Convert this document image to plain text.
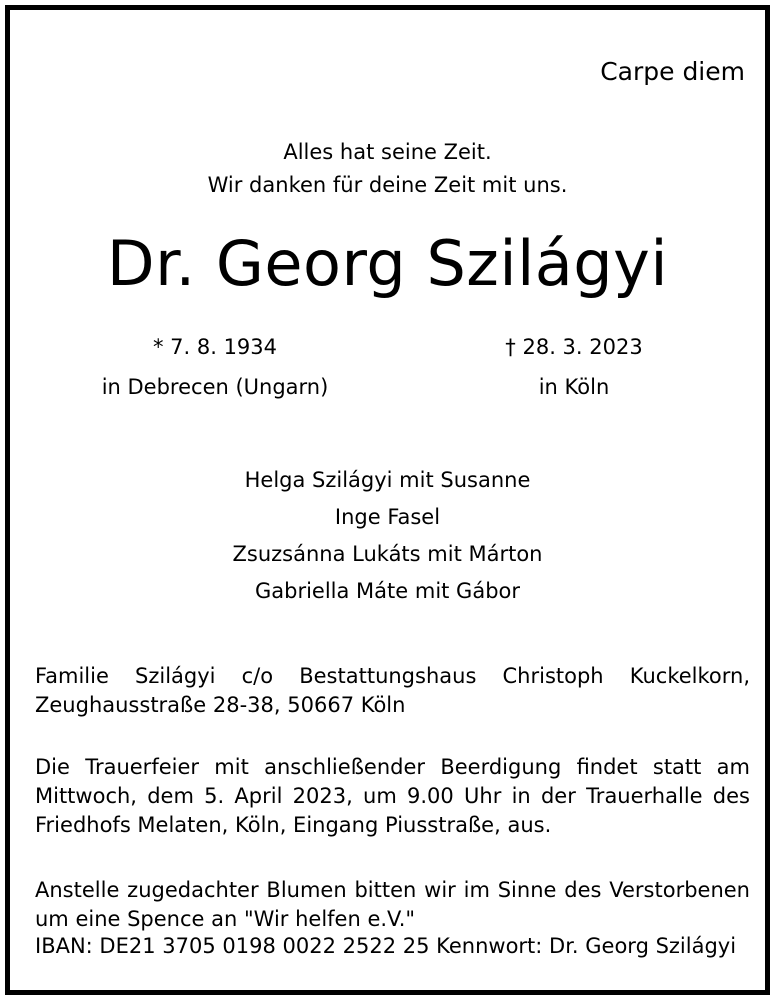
Carpe diem
Alles hat seine Zeit.
Wir danken für deine Zeit mit uns.
Dr. Georg Szilágyi
* 7. 8. 1934
in Debrecen (Ungarn)
† 28. 3. 2023
in Köln
Helga Szilágyi mit Susanne
Inge Fasel
Zsuzsánna Lukáts mit Márton
Gabriella Máte mit Gábor
Familie Szilágyi c/o Bestattungshaus Christoph Kuckelkorn, Zeughausstraße 28-38, 50667 Köln
Die Trauerfeier mit anschließender Beerdigung findet statt am Mittwoch, dem 5. April 2023, um 9.00 Uhr in der Trauerhalle des Friedhofs Melaten, Köln, Eingang Piusstraße, aus.
Anstelle zugedachter Blumen bitten wir im Sinne des Verstorbenen um eine Spence an "Wir helfen e.V."
IBAN: DE21 3705 0198 0022 2522 25 Kennwort: Dr. Georg Szilágyi
